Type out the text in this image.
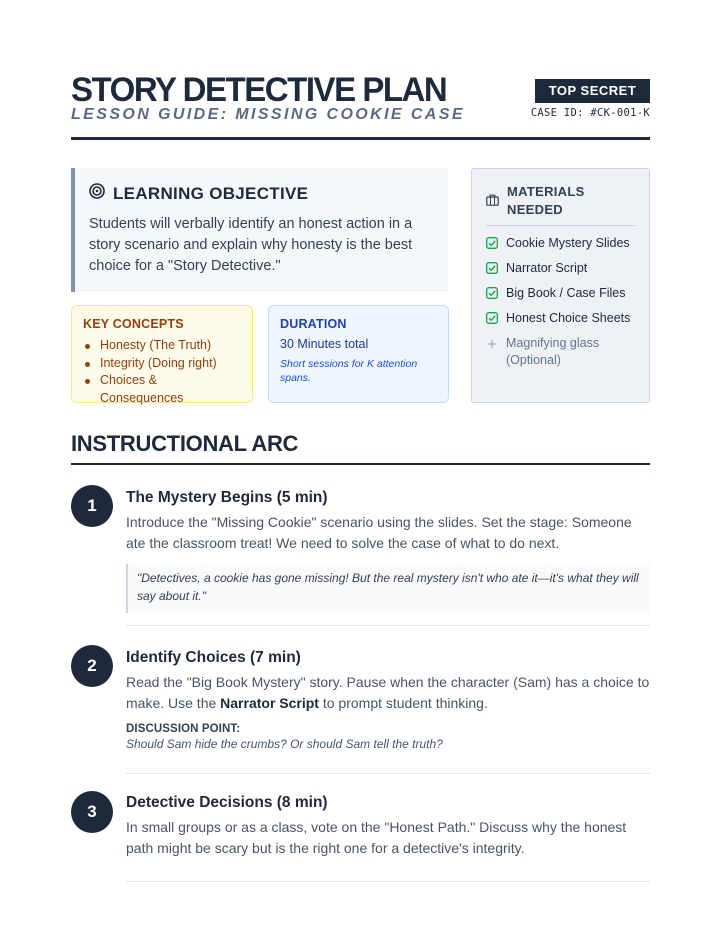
STORY DETECTIVE PLAN
LESSON GUIDE: MISSING COOKIE CASE
TOP SECRET
CASE ID: #CK-001-K
LEARNING OBJECTIVE

Students will verbally identify an honest action in a story scenario and explain why honesty is the best choice for a "Story Detective."

MATERIALS NEEDED
Cookie Mystery Slides
Narrator Script
Big Book / Case Files
Honest Choice Sheets
Magnifying glass (Optional)
KEY CONCEPTS
Honesty (The Truth)
Integrity (Doing right)
Choices & Consequences
DURATION
30 Minutes total
Short sessions for K attention spans.
INSTRUCTIONAL ARC
1	The Mystery Begins (5 min)

Introduce the "Missing Cookie" scenario using the slides. Set the stage: Someone ate the classroom treat! We need to solve the case of what to do next.

"Detectives, a cookie has gone missing! But the real mystery isn't who ate it—it's what they will say about it."
2	Identify Choices (7 min)

Read the "Big Book Mystery" story. Pause when the character (Sam) has a choice to make. Use the Narrator Script to prompt student thinking.

DISCUSSION POINT:
Should Sam hide the crumbs? Or should Sam tell the truth?
3	Detective Decisions (8 min)

In small groups or as a class, vote on the "Honest Path." Discuss why the honest path might be scary but is the right one for a detective's integrity.
